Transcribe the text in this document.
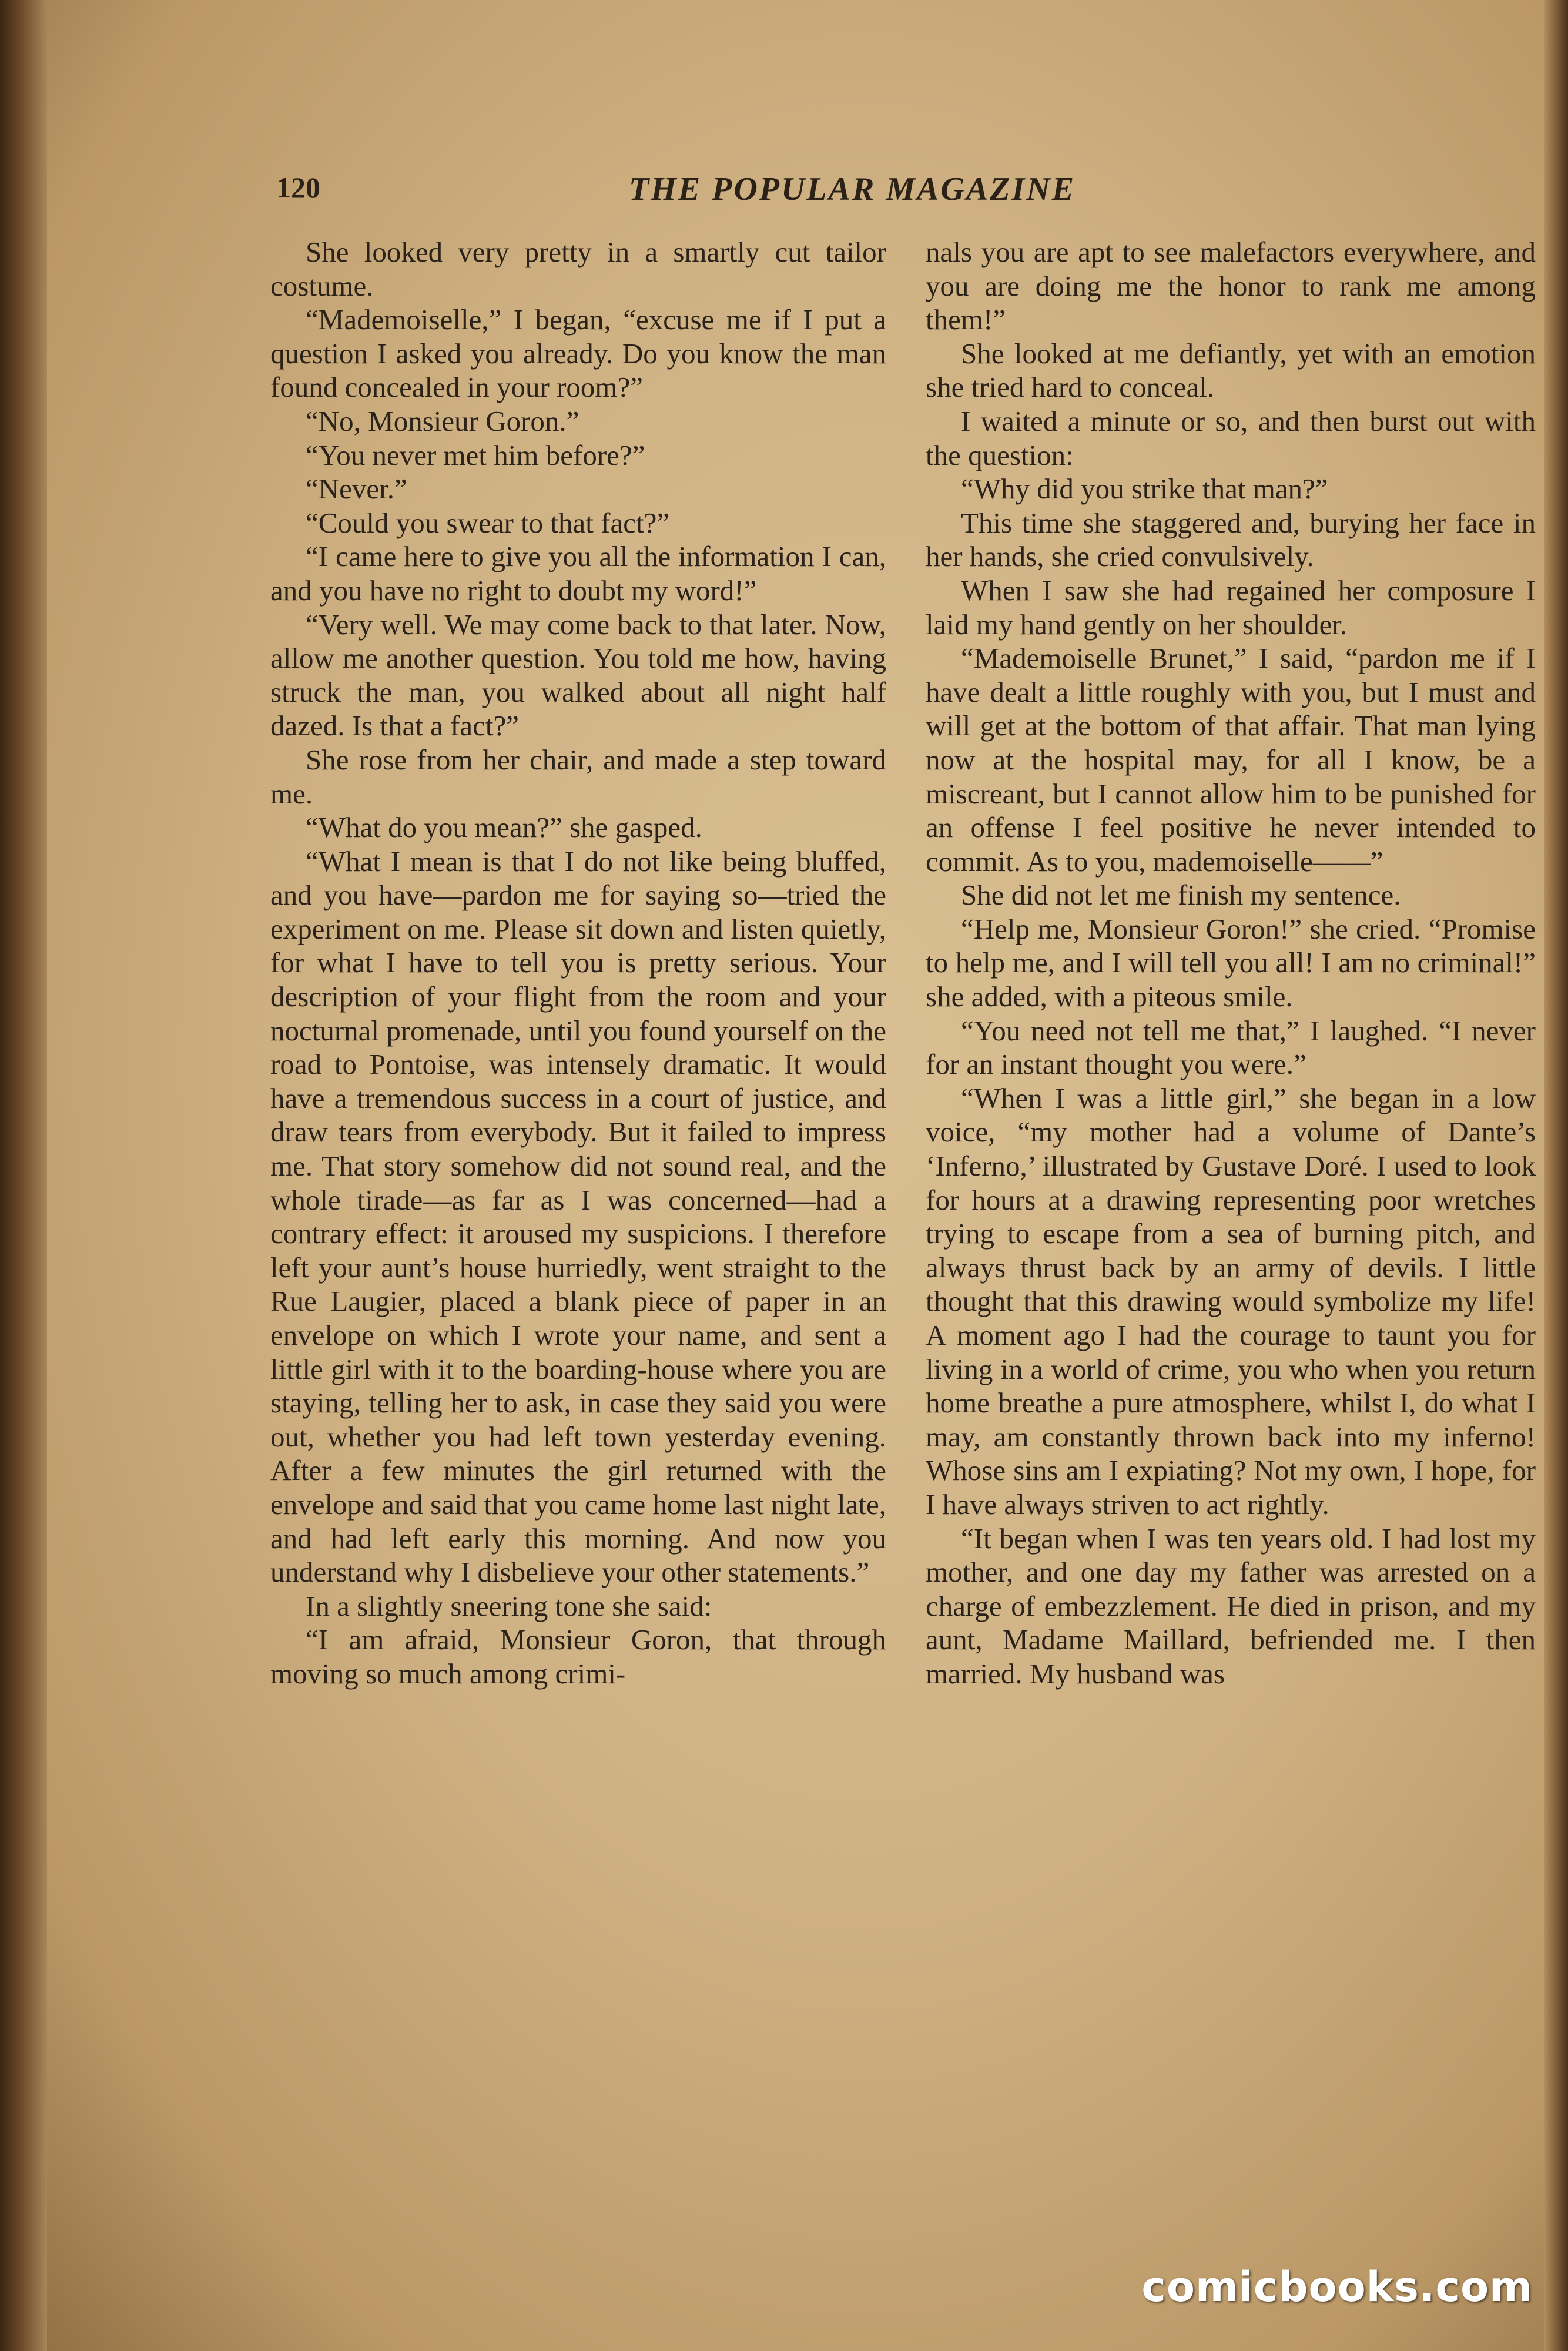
120	THE POPULAR MAGAZINE

She looked very pretty in a smartly cut tailor costume.

“Mademoiselle,” I began, “excuse me if I put a question I asked you already. Do you know the man found concealed in your room?”

“No, Monsieur Goron.”

“You never met him before?”

“Never.”

“Could you swear to that fact?”

“I came here to give you all the information I can, and you have no right to doubt my word!”

“Very well. We may come back to that later. Now, allow me another question. You told me how, having struck the man, you walked about all night half dazed. Is that a fact?”

She rose from her chair, and made a step toward me.

“What do you mean?” she gasped.

“What I mean is that I do not like being bluffed, and you have—pardon me for saying so—tried the experiment on me. Please sit down and listen quietly, for what I have to tell you is pretty serious. Your description of your flight from the room and your nocturnal promenade, until you found yourself on the road to Pontoise, was intensely dramatic. It would have a tremendous success in a court of justice, and draw tears from everybody. But it failed to impress me. That story somehow did not sound real, and the whole tirade—as far as I was concerned—had a contrary effect: it aroused my suspicions. I therefore left your aunt’s house hurriedly, went straight to the Rue Laugier, placed a blank piece of paper in an envelope on which I wrote your name, and sent a little girl with it to the boarding-house where you are staying, telling her to ask, in case they said you were out, whether you had left town yesterday evening. After a few minutes the girl returned with the envelope and said that you came home last night late, and had left early this morning. And now you understand why I disbelieve your other statements.”

In a slightly sneering tone she said:

“I am afraid, Monsieur Goron, that through moving so much among crimi-

nals you are apt to see malefactors everywhere, and you are doing me the honor to rank me among them!”

She looked at me defiantly, yet with an emotion she tried hard to conceal.

I waited a minute or so, and then burst out with the question:

“Why did you strike that man?”

This time she staggered and, burying her face in her hands, she cried convulsively.

When I saw she had regained her composure I laid my hand gently on her shoulder.

“Mademoiselle Brunet,” I said, “pardon me if I have dealt a little roughly with you, but I must and will get at the bottom of that affair. That man lying now at the hospital may, for all I know, be a miscreant, but I cannot allow him to be punished for an offense I feel positive he never intended to commit. As to you, mademoiselle——”

She did not let me finish my sentence.

“Help me, Monsieur Goron!” she cried. “Promise to help me, and I will tell you all! I am no criminal!” she added, with a piteous smile.

“You need not tell me that,” I laughed. “I never for an instant thought you were.”

“When I was a little girl,” she began in a low voice, “my mother had a volume of Dante’s ‘Inferno,’ illustrated by Gustave Doré. I used to look for hours at a drawing representing poor wretches trying to escape from a sea of burning pitch, and always thrust back by an army of devils. I little thought that this drawing would symbolize my life! A moment ago I had the courage to taunt you for living in a world of crime, you who when you return home breathe a pure atmosphere, whilst I, do what I may, am constantly thrown back into my inferno! Whose sins am I expiating? Not my own, I hope, for I have always striven to act rightly.

“It began when I was ten years old. I had lost my mother, and one day my father was arrested on a charge of embezzlement. He died in prison, and my aunt, Madame Maillard, befriended me. I then married. My husband was

comicbooks.com
